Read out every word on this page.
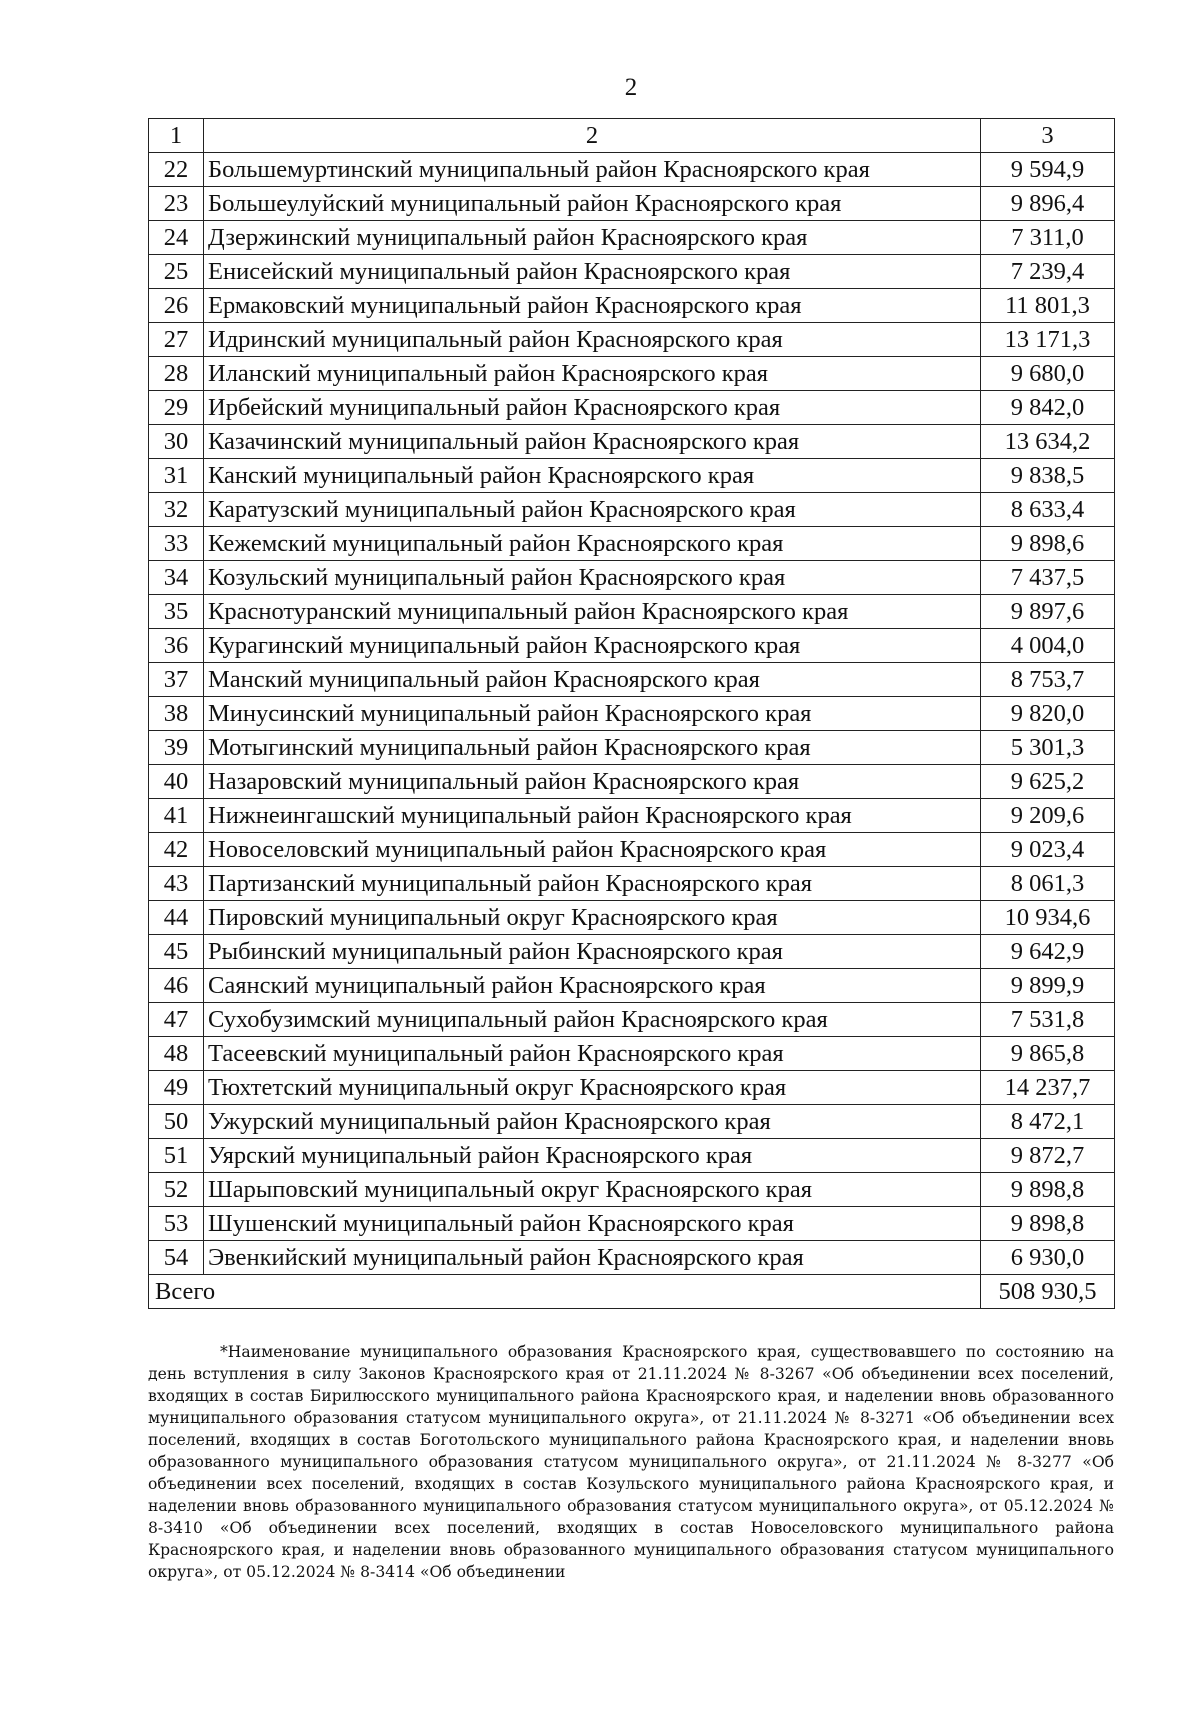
2
1	2	3
22	Большемуртинский муниципальный район Красноярского края	9 594,9
23	Большеулуйский муниципальный район Красноярского края	9 896,4
24	Дзержинский муниципальный район Красноярского края	7 311,0
25	Енисейский муниципальный район Красноярского края	7 239,4
26	Ермаковский муниципальный район Красноярского края	11 801,3
27	Идринский муниципальный район Красноярского края	13 171,3
28	Иланский муниципальный район Красноярского края	9 680,0
29	Ирбейский муниципальный район Красноярского края	9 842,0
30	Казачинский муниципальный район Красноярского края	13 634,2
31	Канский муниципальный район Красноярского края	9 838,5
32	Каратузский муниципальный район Красноярского края	8 633,4
33	Кежемский муниципальный район Красноярского края	9 898,6
34	Козульский муниципальный район Красноярского края	7 437,5
35	Краснотуранский муниципальный район Красноярского края	9 897,6
36	Курагинский муниципальный район Красноярского края	4 004,0
37	Манский муниципальный район Красноярского края	8 753,7
38	Минусинский муниципальный район Красноярского края	9 820,0
39	Мотыгинский муниципальный район Красноярского края	5 301,3
40	Назаровский муниципальный район Красноярского края	9 625,2
41	Нижнеингашский муниципальный район Красноярского края	9 209,6
42	Новоселовский муниципальный район Красноярского края	9 023,4
43	Партизанский муниципальный район Красноярского края	8 061,3
44	Пировский муниципальный округ Красноярского края	10 934,6
45	Рыбинский муниципальный район Красноярского края	9 642,9
46	Саянский муниципальный район Красноярского края	9 899,9
47	Сухобузимский муниципальный район Красноярского края	7 531,8
48	Тасеевский муниципальный район Красноярского края	9 865,8
49	Тюхтетский муниципальный округ Красноярского края	14 237,7
50	Ужурский муниципальный район Красноярского края	8 472,1
51	Уярский муниципальный район Красноярского края	9 872,7
52	Шарыповский муниципальный округ Красноярского края	9 898,8
53	Шушенский муниципальный район Красноярского края	9 898,8
54	Эвенкийский муниципальный район Красноярского края	6 930,0
Всего		508 930,5

*Наименование муниципального образования Красноярского края, существовавшего по состоянию на день вступления в силу Законов Красноярского края от 21.11.2024 № 8-3267 «Об объединении всех поселений, входящих в состав Бирилюсского муниципального района Красноярского края, и наделении вновь образованного муниципального образования статусом муниципального округа», от 21.11.2024 № 8-3271 «Об объединении всех поселений, входящих в состав Боготольского муниципального района Красноярского края, и наделении вновь образованного муниципального образования статусом муниципального округа», от 21.11.2024 № 8-3277 «Об объединении всех поселений, входящих в состав Козульского муниципального района Красноярского края, и наделении вновь образованного муниципального образования статусом муниципального округа», от 05.12.2024 № 8-3410 «Об объединении всех поселений, входящих в состав Новоселовского муниципального района Красноярского края, и наделении вновь образованного муниципального образования статусом муниципального округа», от 05.12.2024 № 8-3414 «Об объединении
